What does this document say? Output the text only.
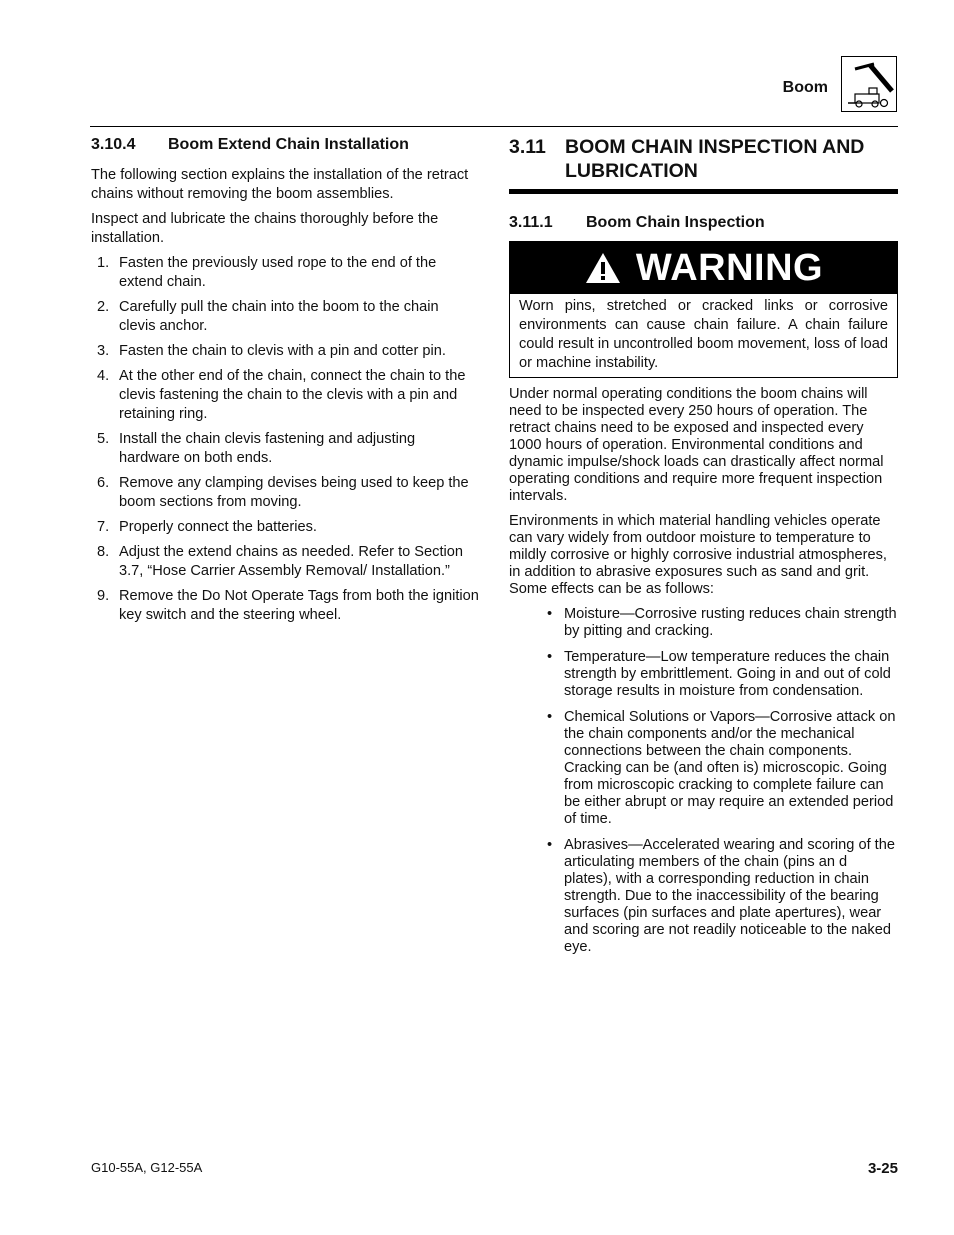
Boom
3.10.4 Boom Extend Chain Installation

The following section explains the installation of the retract chains without removing the boom assemblies.

Inspect and lubricate the chains thoroughly before the installation.

1. Fasten the previously used rope to the end of the extend chain.
2. Carefully pull the chain into the boom to the chain clevis anchor.
3. Fasten the chain to clevis with a pin and cotter pin.
4. At the other end of the chain, connect the chain to the clevis fastening the chain to the clevis with a pin and retaining ring.
5. Install the chain clevis fastening and adjusting hardware on both ends.
6. Remove any clamping devises being used to keep the boom sections from moving.
7. Properly connect the batteries.
8. Adjust the extend chains as needed. Refer to Section 3.7, “Hose Carrier Assembly Removal/ Installation.”
9. Remove the Do Not Operate Tags from both the ignition key switch and the steering wheel.
3.11 BOOM CHAIN INSPECTION AND LUBRICATION
3.11.1 Boom Chain Inspection
WARNING
Worn pins, stretched or cracked links or corrosive environments can cause chain failure. A chain failure could result in uncontrolled boom movement, loss of load or machine instability.

Under normal operating conditions the boom chains will need to be inspected every 250 hours of operation. The retract chains need to be exposed and inspected every 1000 hours of operation. Environmental conditions and dynamic impulse/shock loads can drastically affect normal operating conditions and require more frequent inspection intervals.

Environments in which material handling vehicles operate can vary widely from outdoor moisture to temperature to mildly corrosive or highly corrosive industrial atmospheres, in addition to abrasive exposures such as sand and grit. Some effects can be as follows:

• Moisture—Corrosive rusting reduces chain strength by pitting and cracking.
• Temperature—Low temperature reduces the chain strength by embrittlement. Going in and out of cold storage results in moisture from condensation.
• Chemical Solutions or Vapors—Corrosive attack on the chain components and/or the mechanical connections between the chain components. Cracking can be (and often is) microscopic. Going from microscopic cracking to complete failure can be either abrupt or may require an extended period of time.
• Abrasives—Accelerated wearing and scoring of the articulating members of the chain (pins an d plates), with a corresponding reduction in chain strength. Due to the inaccessibility of the bearing surfaces (pin surfaces and plate apertures), wear and scoring are not readily noticeable to the naked eye.
G10-55A, G12-55A	3-25
